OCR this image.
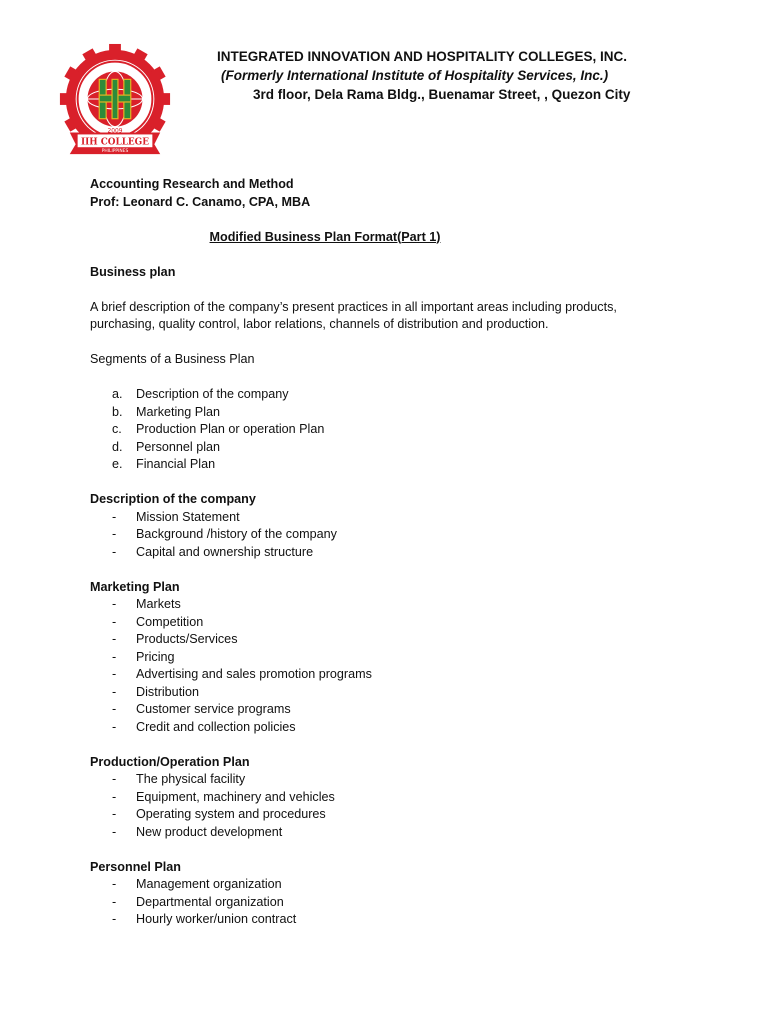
IIH COLLEGE
PHILIPPINES
2009
INTEGRATED INNOVATION AND HOSPITALITY COLLEGES, INC.
(Formerly International Institute of Hospitality Services, Inc.)
3rd floor, Dela Rama Bldg., Buenamar Street, , Quezon City
Accounting Research and Method
Prof: Leonard C. Canamo, CPA, MBA
Modified Business Plan Format(Part 1)
Business plan
A brief description of the company’s present practices in all important areas including products,
purchasing, quality control, labor relations, channels of distribution and production.
Segments of a Business Plan
a. Description of the company
b. Marketing Plan
c. Production Plan or operation Plan
d. Personnel plan
e. Financial Plan
Description of the company
- Mission Statement
- Background /history of the company
- Capital and ownership structure
Marketing Plan
- Markets
- Competition
- Products/Services
- Pricing
- Advertising and sales promotion programs
- Distribution
- Customer service programs
- Credit and collection policies
Production/Operation Plan
- The physical facility
- Equipment, machinery and vehicles
- Operating system and procedures
- New product development
Personnel Plan
- Management organization
- Departmental organization
- Hourly worker/union contract
